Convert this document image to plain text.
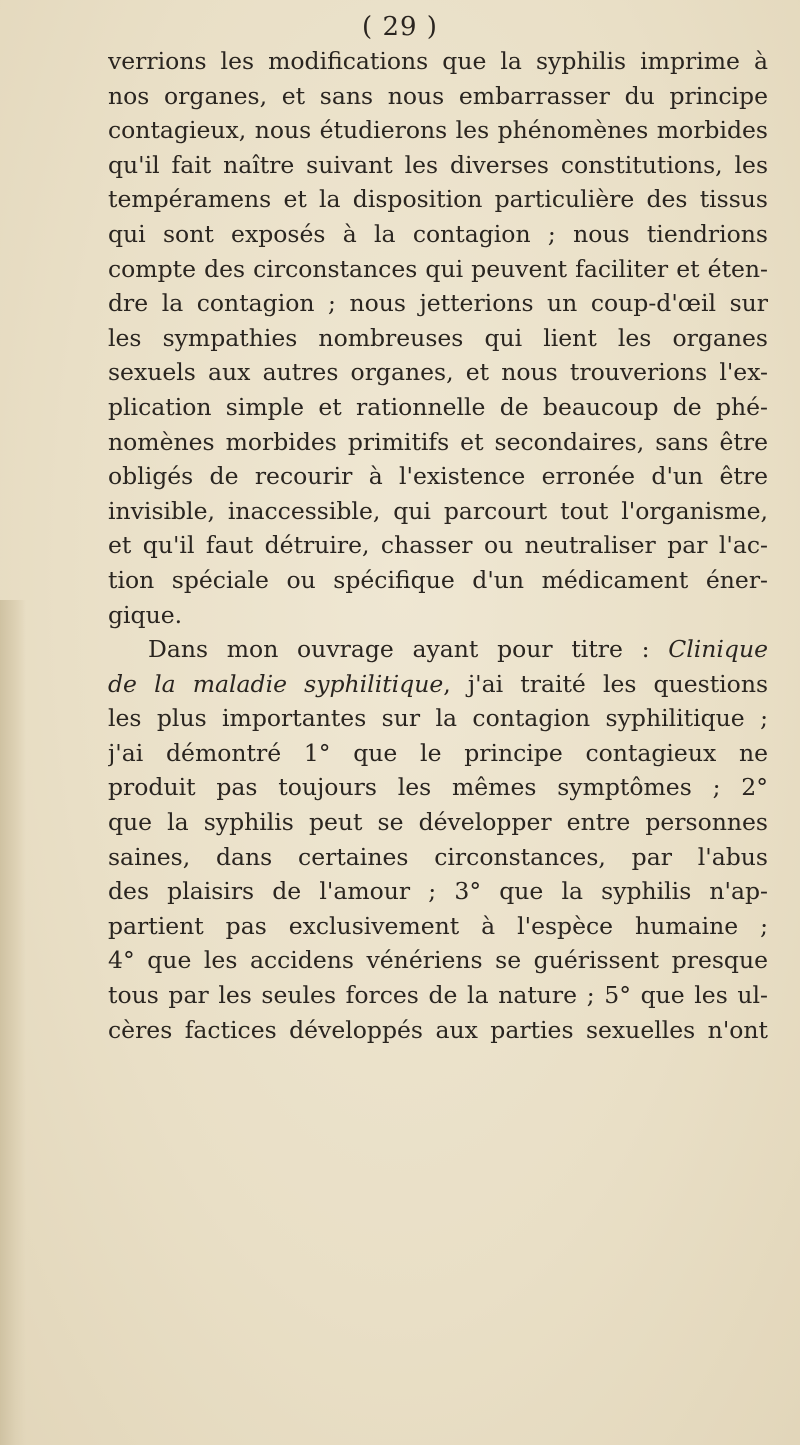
( 29 )
verrions les modifications que la syphilis imprime à
nos organes, et sans nous embarrasser du principe
contagieux, nous étudierons les phénomènes morbides
qu'il fait naître suivant les diverses constitutions, les
tempéramens et la disposition particulière des tissus
qui sont exposés à la contagion ; nous tiendrions
compte des circonstances qui peuvent faciliter et éten-
dre la contagion ; nous jetterions un coup-d'œil sur
les sympathies nombreuses qui lient les organes
sexuels aux autres organes, et nous trouverions l'ex-
plication simple et rationnelle de beaucoup de phé-
nomènes morbides primitifs et secondaires, sans être
obligés de recourir à l'existence erronée d'un être
invisible, inaccessible, qui parcourt tout l'organisme,
et qu'il faut détruire, chasser ou neutraliser par l'ac-
tion spéciale ou spécifique d'un médicament éner-
gique.
Dans mon ouvrage ayant pour titre : Clinique
de la maladie syphilitique, j'ai traité les questions
les plus importantes sur la contagion syphilitique ;
j'ai démontré 1° que le principe contagieux ne
produit pas toujours les mêmes symptômes ; 2°
que la syphilis peut se développer entre personnes
saines, dans certaines circonstances, par l'abus
des plaisirs de l'amour ; 3° que la syphilis n'ap-
partient pas exclusivement à l'espèce humaine ;
4° que les accidens vénériens se guérissent presque
tous par les seules forces de la nature ; 5° que les ul-
cères factices développés aux parties sexuelles n'ont
